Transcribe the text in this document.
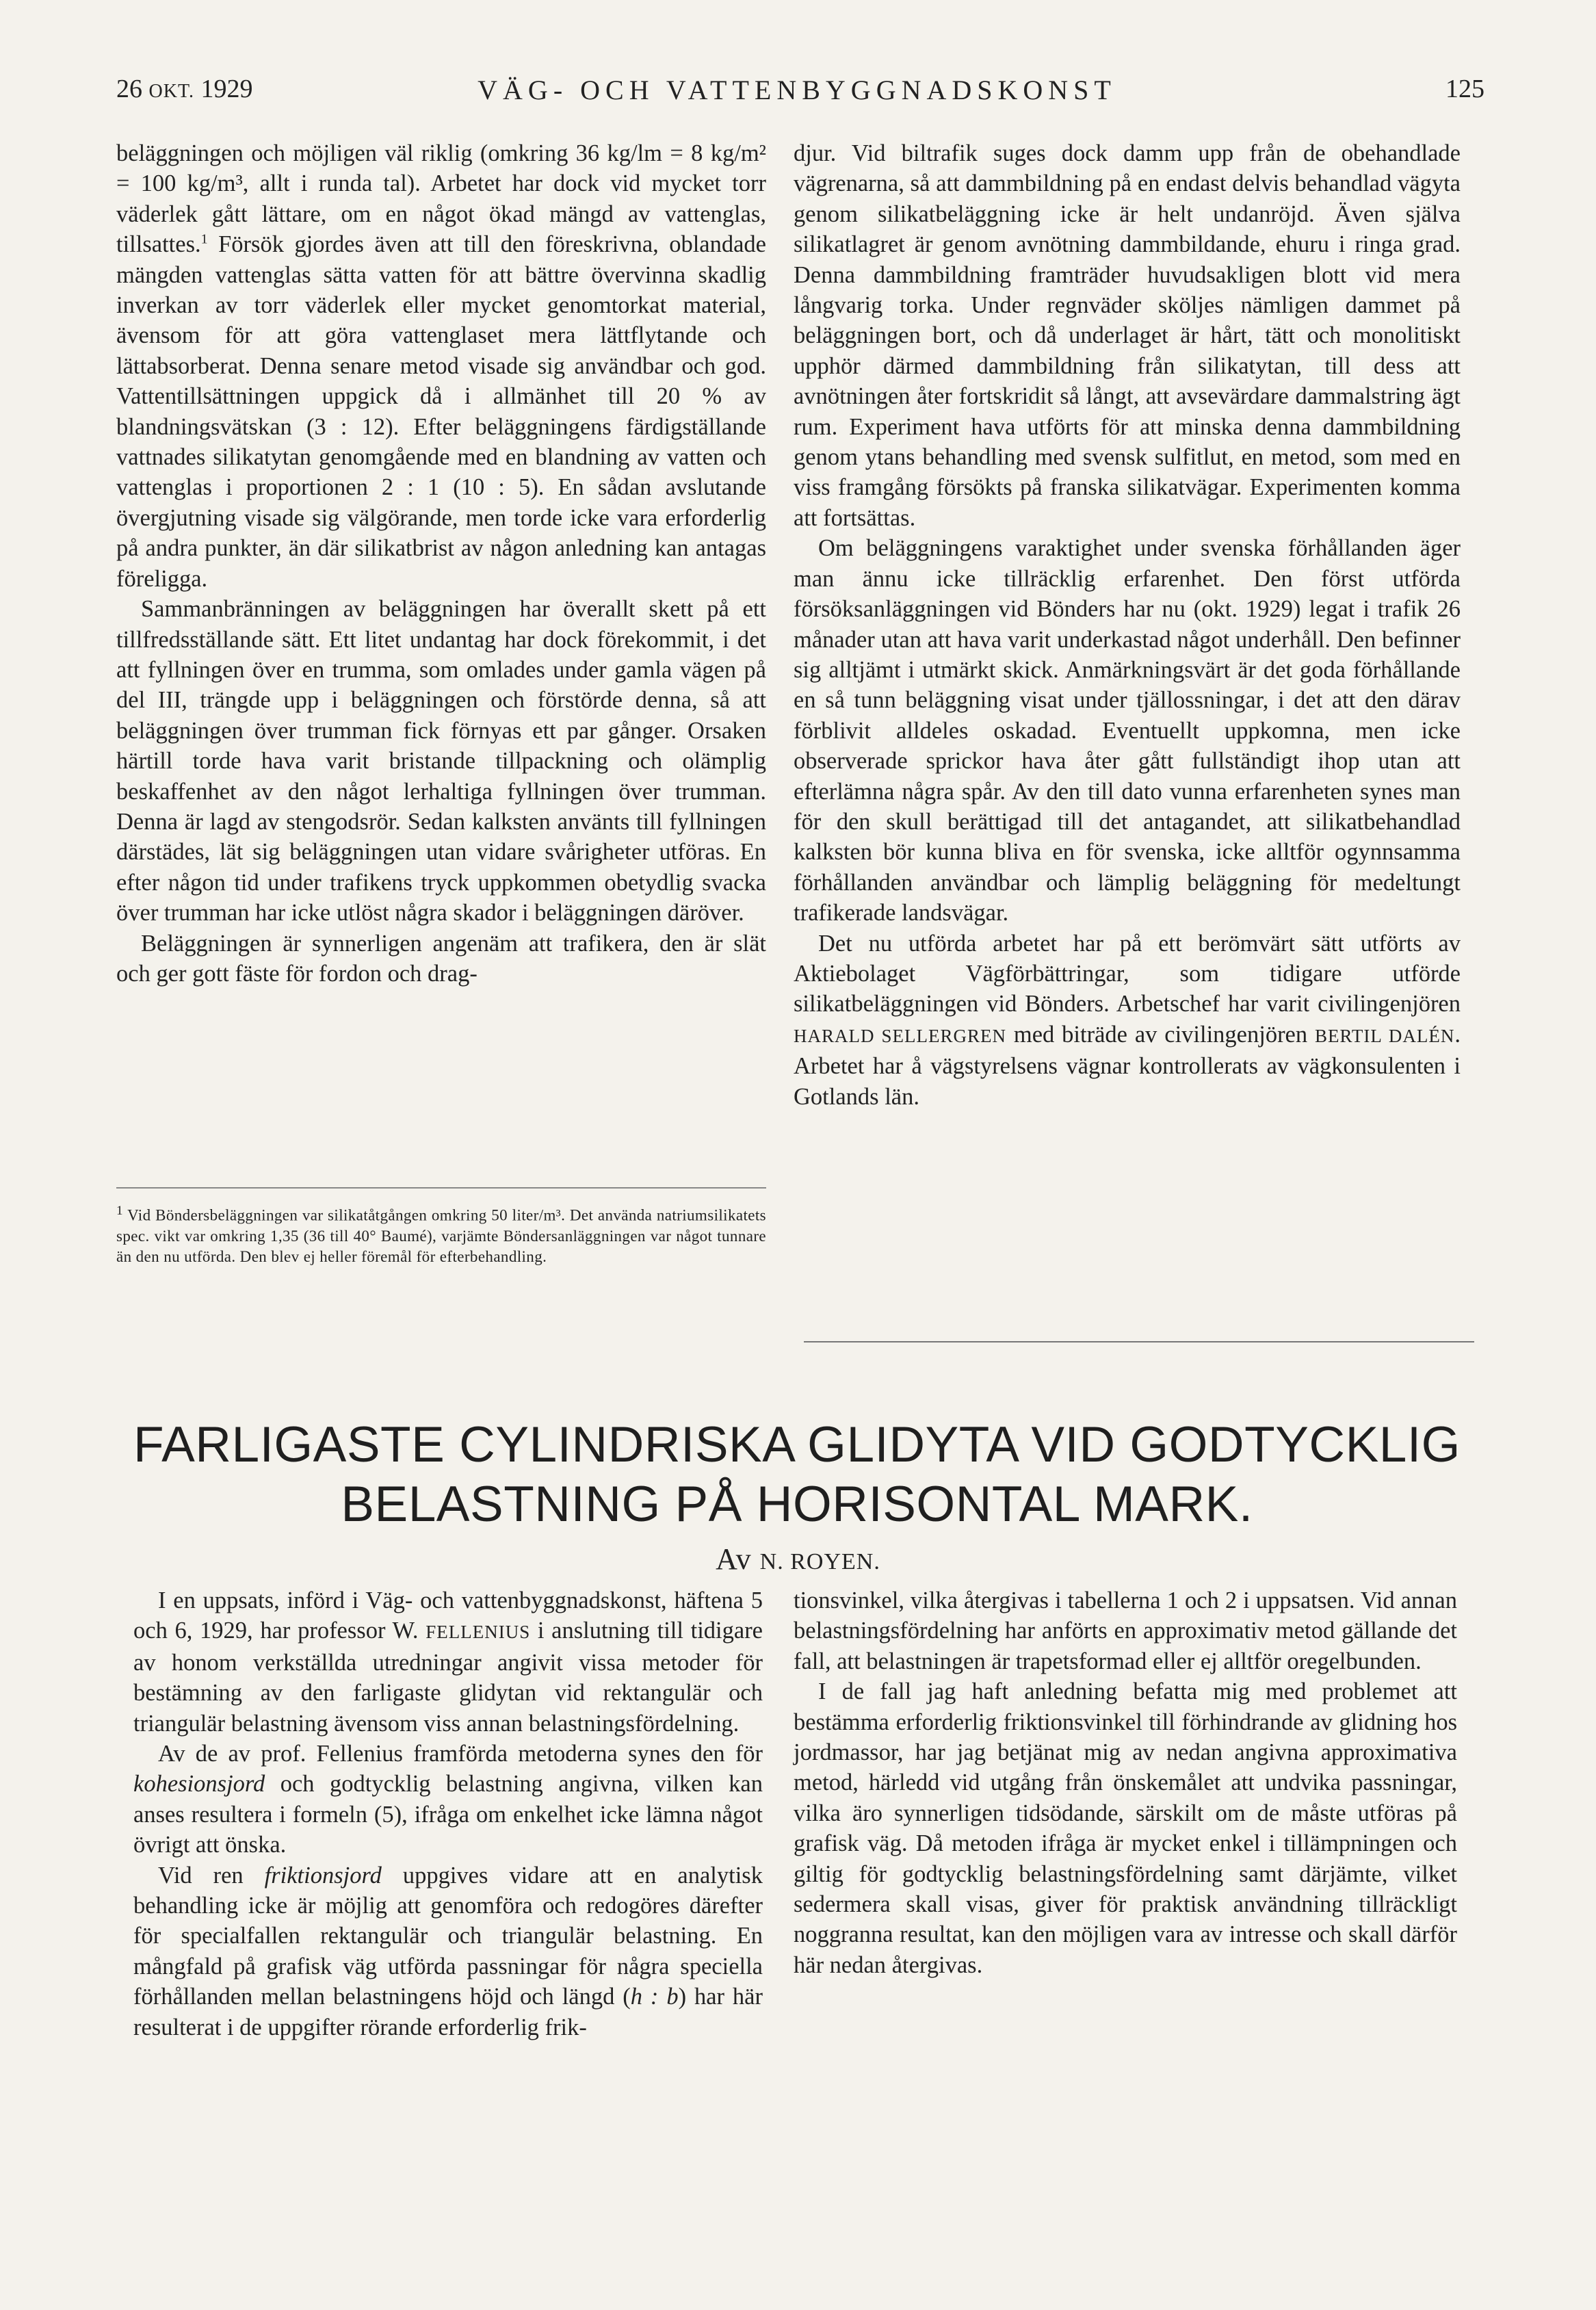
26 OKT. 1929	VÄG- OCH VATTENBYGGNADSKONST	125

beläggningen och möjligen väl riklig (omkring 36 kg/lm = 8 kg/m² = 100 kg/m³, allt i runda tal). Arbetet har dock vid mycket torr väderlek gått lättare, om en något ökad mängd av vattenglas, tillsattes.$^1$ Försök gjordes även att till den föreskrivna, oblandade mängden vattenglas sätta vatten för att bättre övervinna skadlig inverkan av torr väderlek eller mycket genomtorkat material, ävensom för att göra vattenglaset mera lättflytande och lättabsorberat. Denna senare metod visade sig användbar och god. Vattentillsättningen uppgick då i allmänhet till 20 % av blandningsvätskan (3 : 12). Efter beläggningens färdigställande vattnades silikatytan genomgående med en blandning av vatten och vattenglas i proportionen 2 : 1 (10 : 5). En sådan avslutande övergjutning visade sig välgörande, men torde icke vara erforderlig på andra punkter, än där silikatbrist av någon anledning kan antagas föreligga.

Sammanbränningen av beläggningen har överallt skett på ett tillfredsställande sätt. Ett litet undantag har dock förekommit, i det att fyllningen över en trumma, som omlades under gamla vägen på del III, trängde upp i beläggningen och förstörde denna, så att beläggningen över trumman fick förnyas ett par gånger. Orsaken härtill torde hava varit bristande tillpackning och olämplig beskaffenhet av den något lerhaltiga fyllningen över trumman. Denna är lagd av stengodsrör. Sedan kalksten använts till fyllningen därstädes, lät sig beläggningen utan vidare svårigheter utföras. En efter någon tid under trafikens tryck uppkommen obetydlig svacka över trumman har icke utlöst några skador i beläggningen däröver.

Beläggningen är synnerligen angenäm att trafikera, den är slät och ger gott fäste för fordon och drag-

$^1$ Vid Böndersbeläggningen var silikatåtgången omkring 50 liter/m³. Det använda natriumsilikatets spec. vikt var omkring 1,35 (36 till 40° Baumé), varjämte Böndersanläggningen var något tunnare än den nu utförda. Den blev ej heller föremål för efterbehandling.

djur. Vid biltrafik suges dock damm upp från de obehandlade vägrenarna, så att dammbildning på en endast delvis behandlad vägyta genom silikatbeläggning icke är helt undanröjd. Även själva silikatlagret är genom avnötning dammbildande, ehuru i ringa grad. Denna dammbildning framträder huvudsakligen blott vid mera långvarig torka. Under regnväder sköljes nämligen dammet på beläggningen bort, och då underlaget är hårt, tätt och monolitiskt upphör därmed dammbildning från silikatytan, till dess att avnötningen åter fortskridit så långt, att avsevärdare dammalstring ägt rum. Experiment hava utförts för att minska denna dammbildning genom ytans behandling med svensk sulfitlut, en metod, som med en viss framgång försökts på franska silikatvägar. Experimenten komma att fortsättas.

Om beläggningens varaktighet under svenska förhållanden äger man ännu icke tillräcklig erfarenhet. Den först utförda försöksanläggningen vid Bönders har nu (okt. 1929) legat i trafik 26 månader utan att hava varit underkastad något underhåll. Den befinner sig alltjämt i utmärkt skick. Anmärkningsvärt är det goda förhållande en så tunn beläggning visat under tjällossningar, i det att den därav förblivit alldeles oskadad. Eventuellt uppkomna, men icke observerade sprickor hava åter gått fullständigt ihop utan att efterlämna några spår. Av den till dato vunna erfarenheten synes man för den skull berättigad till det antagandet, att silikatbehandlad kalksten bör kunna bliva en för svenska, icke alltför ogynnsamma förhållanden användbar och lämplig beläggning för medeltungt trafikerade landsvägar.

Det nu utförda arbetet har på ett berömvärt sätt utförts av Aktiebolaget Vägförbättringar, som tidigare utförde silikatbeläggningen vid Bönders. Arbetschef har varit civilingenjören HARALD SELLERGREN med biträde av civilingenjören BERTIL DALÉN. Arbetet har å vägstyrelsens vägnar kontrollerats av vägkonsulenten i Gotlands län.

FARLIGASTE CYLINDRISKA GLIDYTA VID GODTYCKLIG
BELASTNING PÅ HORISONTAL MARK.
Av N. ROYEN.

I en uppsats, införd i Väg- och vattenbyggnadskonst, häftena 5 och 6, 1929, har professor W. FELLENIUS i anslutning till tidigare av honom verkställda utredningar angivit vissa metoder för bestämning av den farligaste glidytan vid rektangulär och triangulär belastning ävensom viss annan belastningsfördelning.

Av de av prof. Fellenius framförda metoderna synes den för kohesionsjord och godtycklig belastning angivna, vilken kan anses resultera i formeln (5), ifråga om enkelhet icke lämna något övrigt att önska.

Vid ren friktionsjord uppgives vidare att en analytisk behandling icke är möjlig att genomföra och redogöres därefter för specialfallen rektangulär och triangulär belastning. En mångfald på grafisk väg utförda passningar för några speciella förhållanden mellan belastningens höjd och längd (h : b) har här resulterat i de uppgifter rörande erforderlig frik-

tionsvinkel, vilka återgivas i tabellerna 1 och 2 i uppsatsen. Vid annan belastningsfördelning har anförts en approximativ metod gällande det fall, att belastningen är trapetsformad eller ej alltför oregelbunden.

I de fall jag haft anledning befatta mig med problemet att bestämma erforderlig friktionsvinkel till förhindrande av glidning hos jordmassor, har jag betjänat mig av nedan angivna approximativa metod, härledd vid utgång från önskemålet att undvika passningar, vilka äro synnerligen tidsödande, särskilt om de måste utföras på grafisk väg. Då metoden ifråga är mycket enkel i tillämpningen och giltig för godtycklig belastningsfördelning samt därjämte, vilket sedermera skall visas, giver för praktisk användning tillräckligt noggranna resultat, kan den möjligen vara av intresse och skall därför här nedan återgivas.
